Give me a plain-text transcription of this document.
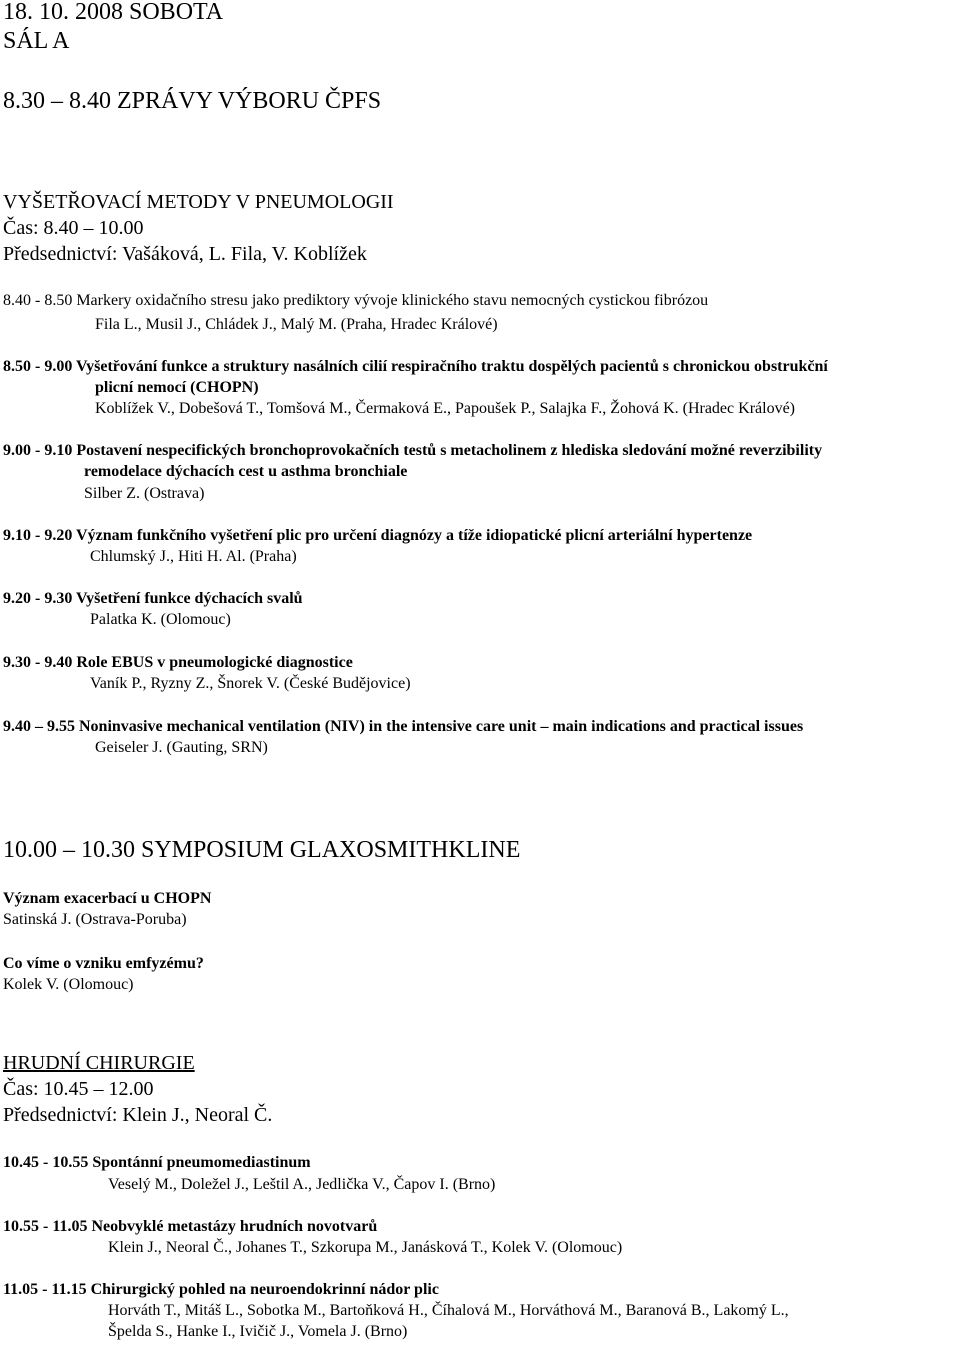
18. 10. 2008 SOBOTA
SÁL A
8.30 – 8.40 ZPRÁVY VÝBORU ČPFS
VYŠETŘOVACÍ METODY V PNEUMOLOGII
Čas: 8.40 – 10.00
Předsednictví: Vašáková, L. Fila, V. Koblížek
8.40 - 8.50 Markery oxidačního stresu jako prediktory vývoje klinického stavu nemocných cystickou fibrózou
Fila L., Musil J., Chládek J., Malý M. (Praha, Hradec Králové)
8.50 - 9.00 Vyšetřování funkce a struktury nasálních cilií respiračního traktu dospělých pacientů s chronickou obstrukční
plicní nemocí (CHOPN)
Koblížek V., Dobešová T., Tomšová M., Čermaková E., Papoušek P., Salajka F., Žohová K. (Hradec Králové)
9.00 - 9.10 Postavení nespecifických bronchoprovokačních testů s metacholinem z hlediska sledování možné reverzibility
remodelace dýchacích cest u asthma bronchiale
Silber Z. (Ostrava)
9.10 - 9.20 Význam funkčního vyšetření plic pro určení diagnózy a tíže idiopatické plicní arteriální hypertenze
Chlumský J., Hiti H. Al. (Praha)
9.20 - 9.30 Vyšetření funkce dýchacích svalů
Palatka K. (Olomouc)
9.30 - 9.40 Role EBUS v pneumologické diagnostice
Vaník P., Ryzny Z., Šnorek V. (České Budějovice)
9.40 – 9.55 Noninvasive mechanical ventilation (NIV) in the intensive care unit – main indications and practical issues
Geiseler J. (Gauting, SRN)
10.00 – 10.30 SYMPOSIUM GLAXOSMITHKLINE
Význam exacerbací u CHOPN
Satinská J. (Ostrava-Poruba)
Co víme o vzniku emfyzému?
Kolek V. (Olomouc)
HRUDNÍ CHIRURGIE
Čas: 10.45 – 12.00
Předsednictví: Klein J., Neoral Č.
10.45 - 10.55 Spontánní pneumomediastinum
Veselý M., Doležel J., Leštil A., Jedlička V., Čapov I. (Brno)
10.55 - 11.05 Neobvyklé metastázy hrudních novotvarů
Klein J., Neoral Č., Johanes T., Szkorupa M., Janásková T., Kolek V. (Olomouc)
11.05 - 11.15 Chirurgický pohled na neuroendokrinní nádor plic
Horváth T., Mitáš L., Sobotka M., Bartoňková H., Číhalová M., Horváthová M., Baranová B., Lakomý L.,
Špelda S., Hanke I., Ivičič J., Vomela J. (Brno)
